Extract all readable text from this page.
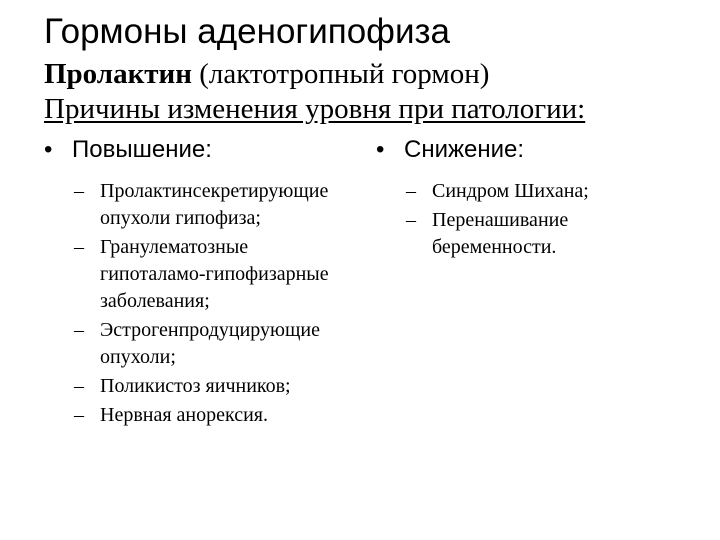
Гормоны аденогипофиза
Пролактин (лактотропный гормон)
Причины изменения уровня при патологии:
• Повышение:
– Пролактинсекретирующие опухоли гипофиза;
– Гранулематозные гипоталамо-гипофизарные заболевания;
– Эстрогенпродуцирующие опухоли;
– Поликистоз яичников;
– Нервная анорексия.
• Снижение:
– Синдром Шихана;
– Перенашивание беременности.
